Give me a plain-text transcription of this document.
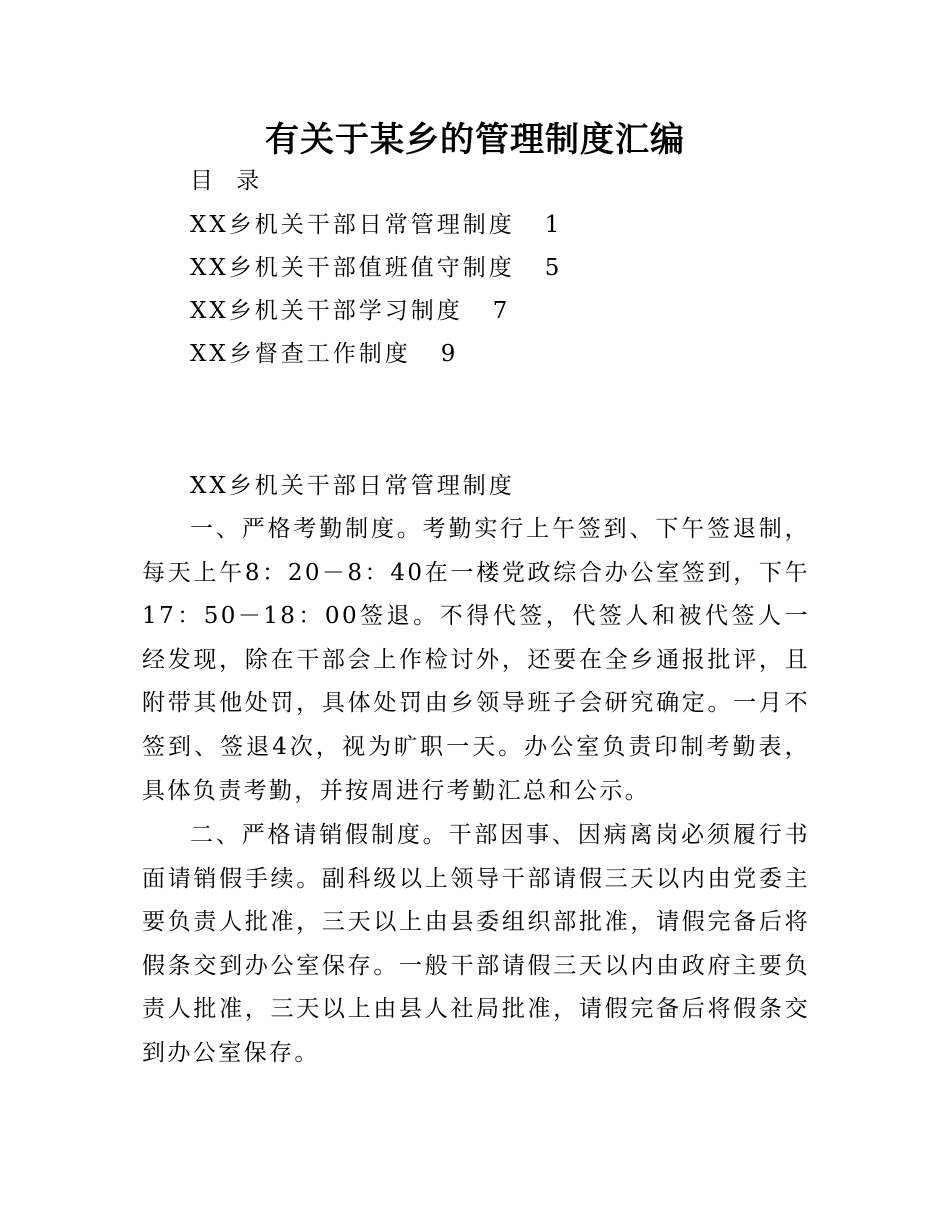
有关于某乡的管理制度汇编

目 录

XX乡机关干部日常管理制度 1
XX乡机关干部值班值守制度 5
XX乡机关干部学习制度 7
XX乡督查工作制度 9

XX乡机关干部日常管理制度

一、严格考勤制度。考勤实行上午签到、下午签退制，每天上午8：20－8：40在一楼党政综合办公室签到，下午17：50－18：00签退。不得代签，代签人和被代签人一经发现，除在干部会上作检讨外，还要在全乡通报批评，且附带其他处罚，具体处罚由乡领导班子会研究确定。一月不签到、签退4次，视为旷职一天。办公室负责印制考勤表，具体负责考勤，并按周进行考勤汇总和公示。

二、严格请销假制度。干部因事、因病离岗必须履行书面请销假手续。副科级以上领导干部请假三天以内由党委主要负责人批准，三天以上由县委组织部批准，请假完备后将假条交到办公室保存。一般干部请假三天以内由政府主要负责人批准，三天以上由县人社局批准，请假完备后将假条交到办公室保存。
